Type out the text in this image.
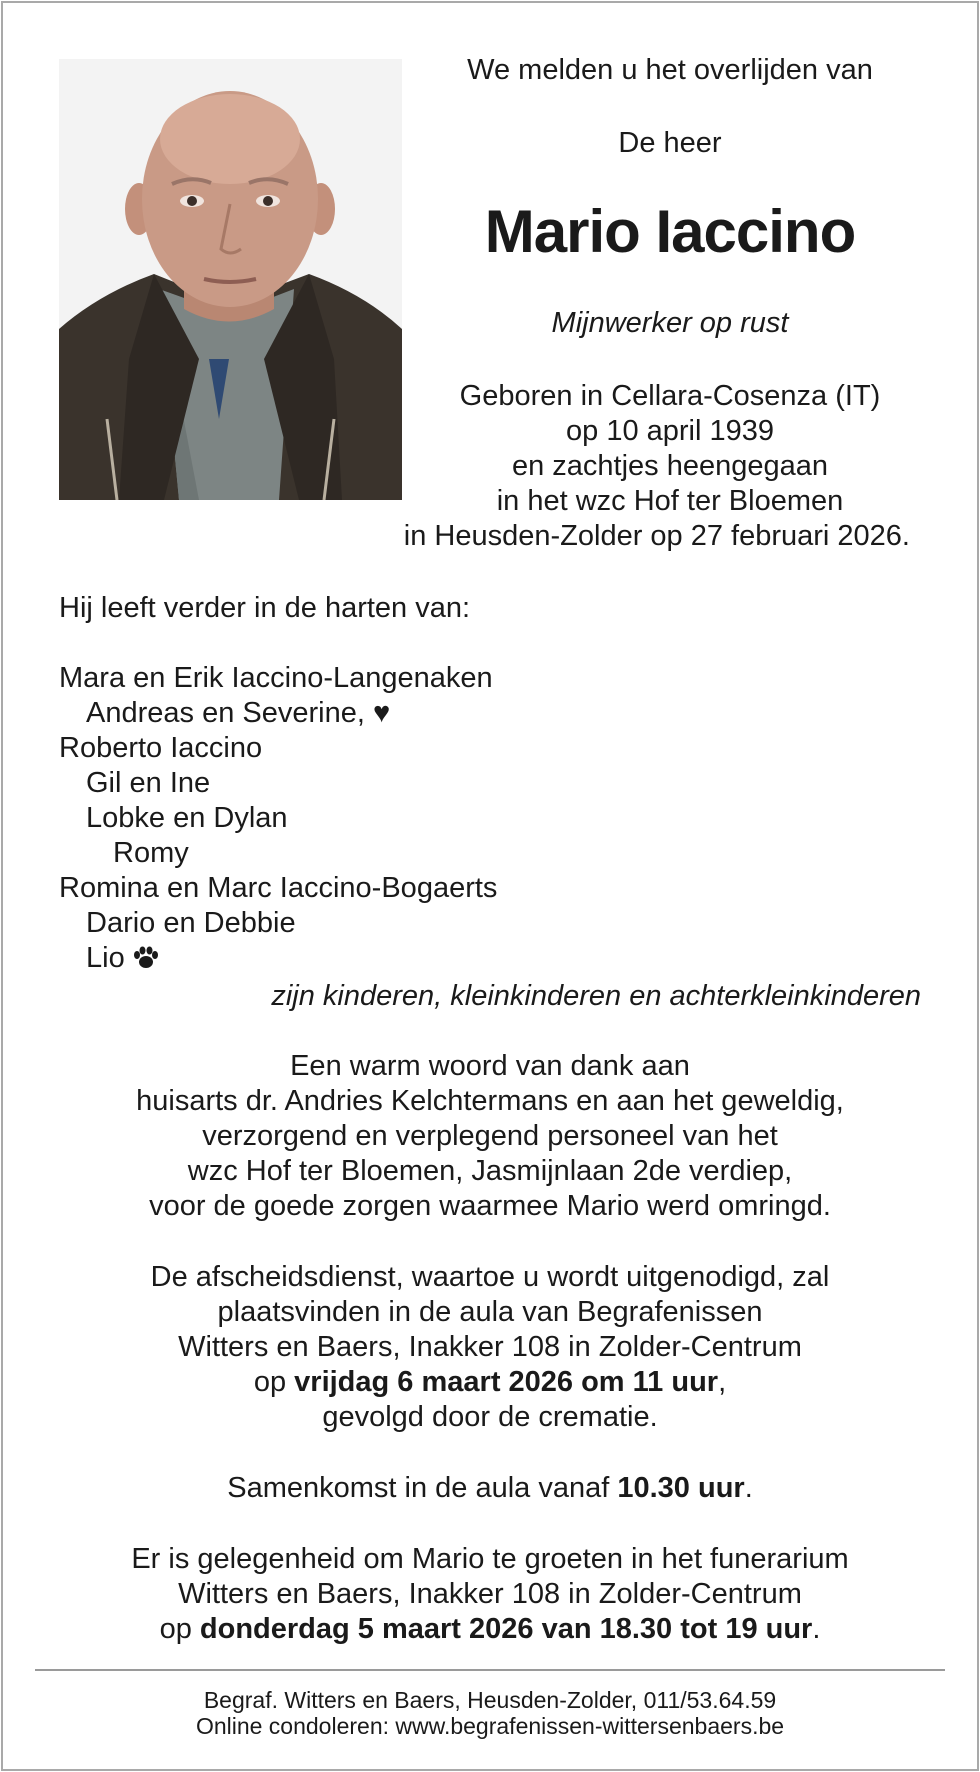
We melden u het overlijden van
De heer
Mario Iaccino
Mijnwerker op rust
Geboren in Cellara-Cosenza (IT)
op 10 april 1939
en zachtjes heengegaan
in het wzc Hof ter Bloemen
in Heusden-Zolder op 27 februari 2026.
Hij leeft verder in de harten van:
Mara en Erik Iaccino-Langenaken
Andreas en Severine, ♥
Roberto Iaccino
Gil en Ine
Lobke en Dylan
Romy
Romina en Marc Iaccino-Bogaerts
Dario en Debbie
Lio
zijn kinderen, kleinkinderen en achterkleinkinderen
Een warm woord van dank aan
huisarts dr. Andries Kelchtermans en aan het geweldig,
verzorgend en verplegend personeel van het
wzc Hof ter Bloemen, Jasmijnlaan 2de verdiep,
voor de goede zorgen waarmee Mario werd omringd.
De afscheidsdienst, waartoe u wordt uitgenodigd, zal
plaatsvinden in de aula van Begrafenissen
Witters en Baers, Inakker 108 in Zolder-Centrum
op vrijdag 6 maart 2026 om 11 uur,
gevolgd door de crematie.
Samenkomst in de aula vanaf 10.30 uur.
Er is gelegenheid om Mario te groeten in het funerarium
Witters en Baers, Inakker 108 in Zolder-Centrum
op donderdag 5 maart 2026 van 18.30 tot 19 uur.
Begraf. Witters en Baers, Heusden-Zolder, 011/53.64.59
Online condoleren: www.begrafenissen-wittersenbaers.be
